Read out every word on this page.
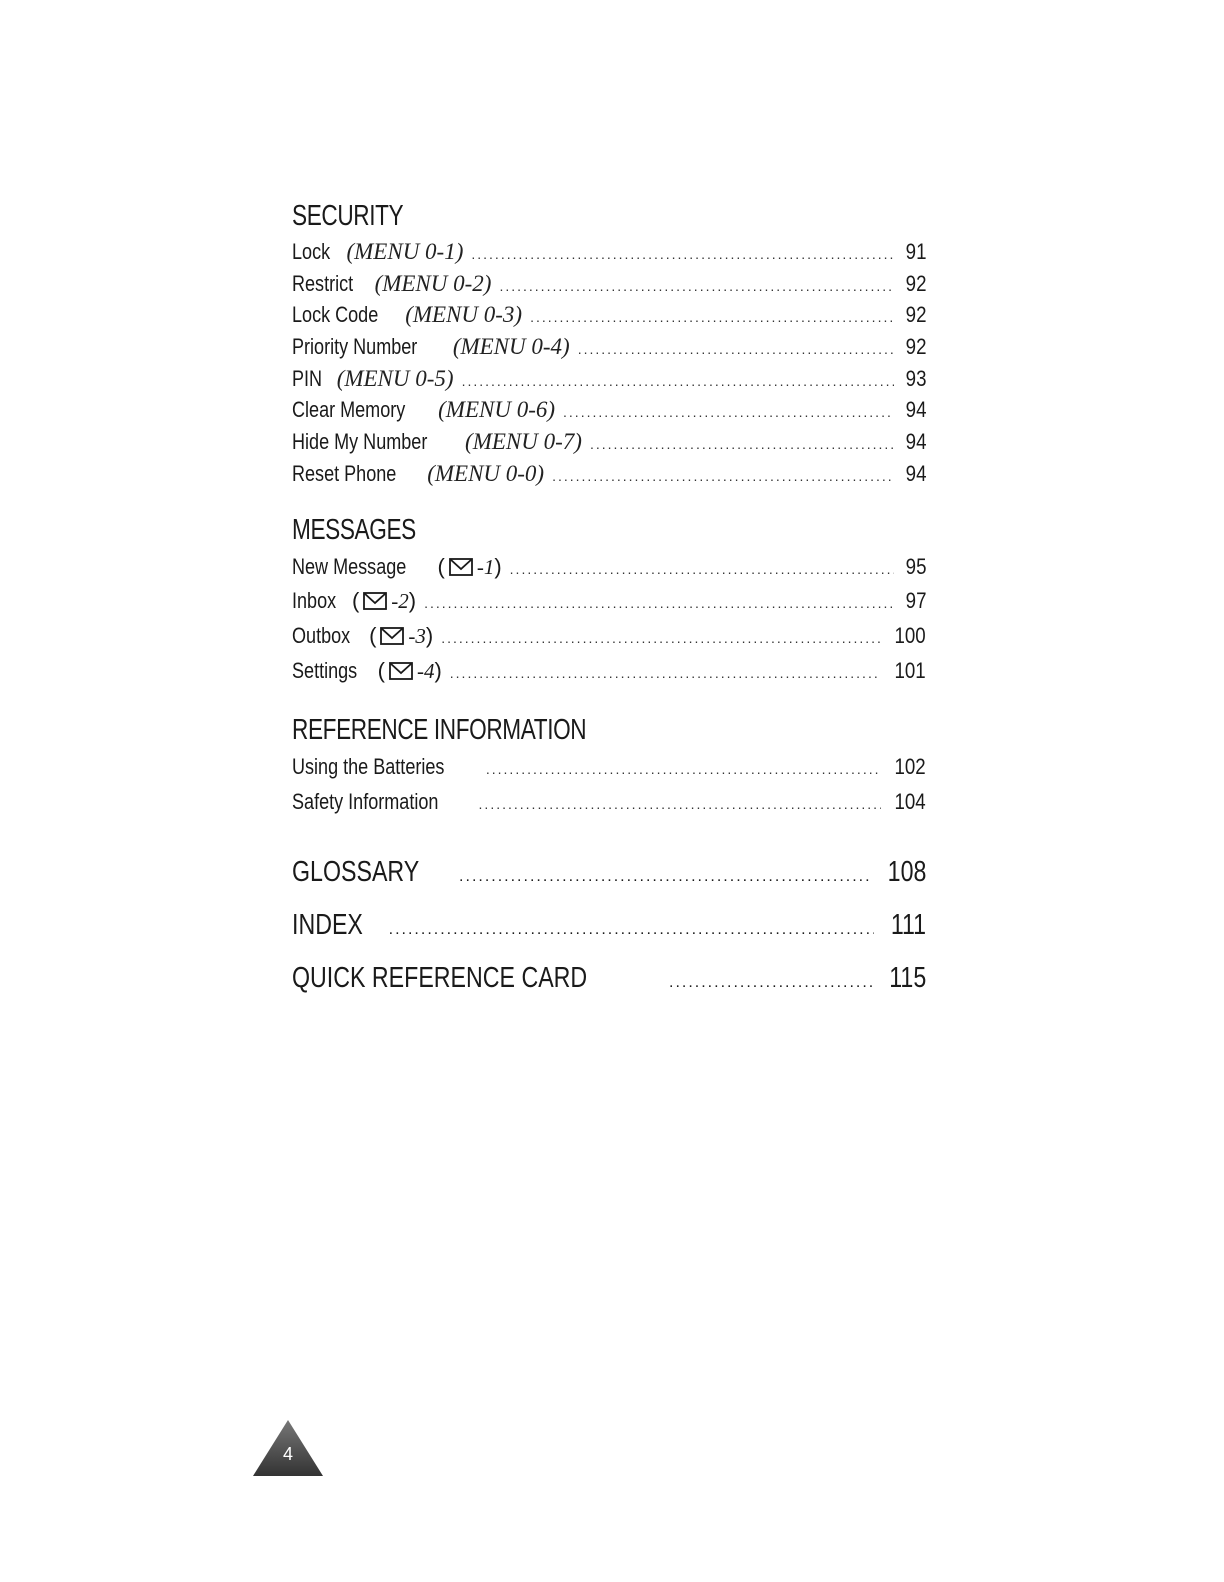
SECURITY
Lock (MENU 0-1) .....	91
Restrict (MENU 0-2) .....	92
Lock Code (MENU 0-3) .....	92
Priority Number (MENU 0-4) .....	92
PIN (MENU 0-5) .....	93
Clear Memory (MENU 0-6) .....	94
Hide My Number (MENU 0-7) .....	94
Reset Phone (MENU 0-0) .....	94
MESSAGES
New Message ( -1) .....	95
Inbox ( -2) .....	97
Outbox ( -3) .....	100
Settings ( -4) .....	101
REFERENCE INFORMATION
Using the Batteries .....	102
Safety Information .....	104
GLOSSARY .....	108
INDEX .....	111
QUICK REFERENCE CARD .....	115
4
